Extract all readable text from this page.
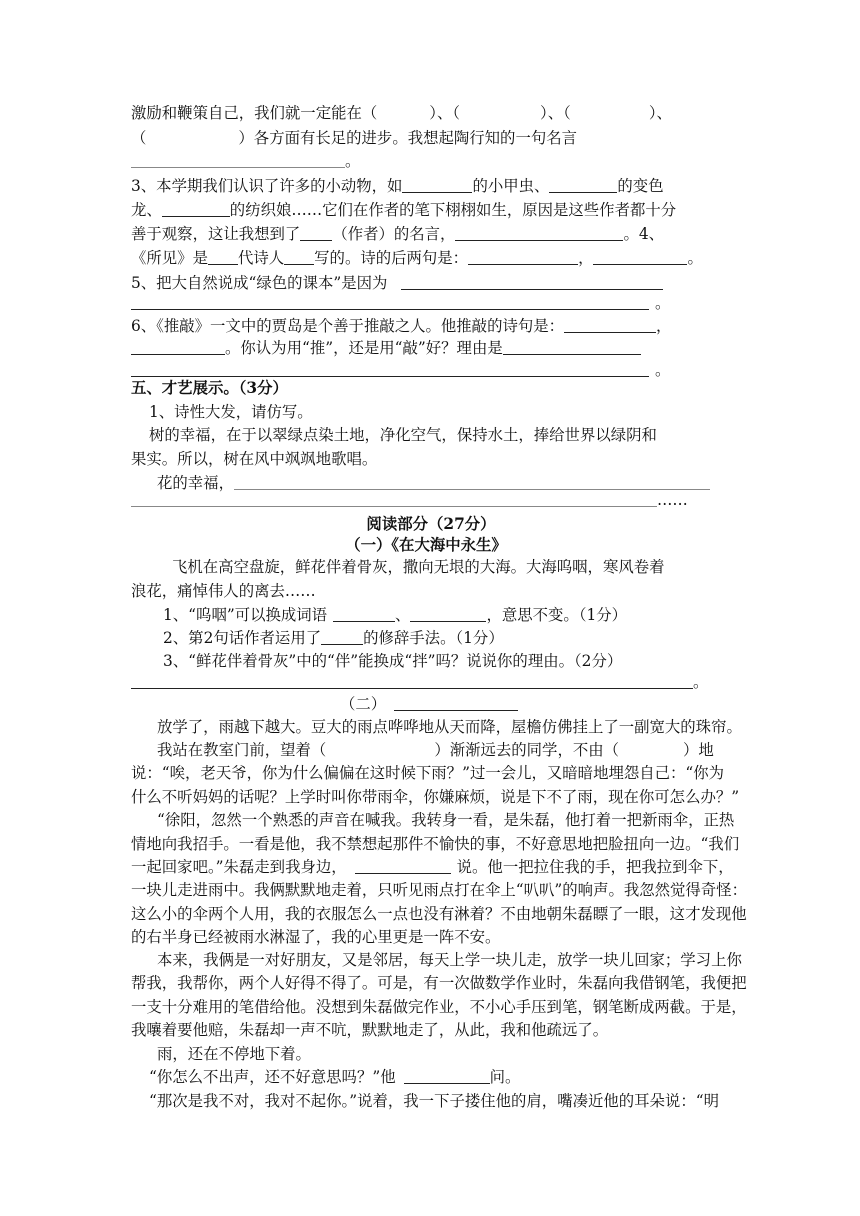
激励和鞭策自己，我们就一定能在（	）、（	）、（	）、
（	）各方面有长足的进步。我想起陶行知的一句名言
。
3、本学期我们认识了许多的小动物，如	的小甲虫、	的变色
龙、	的纺织娘……它们在作者的笔下栩栩如生，原因是这些作者都十分
善于观察，这让我想到了 （作者）的名言，	。4、
《所见》是 代诗人 写的。诗的后两句是：	，	。
5、把大自然说成“绿色的课本”是因为
。
6、《推敲》一文中的贾岛是个善于推敲之人。他推敲的诗句是：	，
。你认为用“推”，还是用“敲”好？理由是
。
五、才艺展示。（3分）
1、诗性大发，请仿写。
树的幸福，在于以翠绿点染土地，净化空气，保持水土，捧给世界以绿阴和
果实。所以，树在风中飒飒地歌唱。
花的幸福，
……
阅读部分（27分）
（一）《在大海中永生》
飞机在高空盘旋，鲜花伴着骨灰，撒向无垠的大海。大海呜咽，寒风卷着
浪花，痛悼伟人的离去……
1、“呜咽”可以换成词语	、	，意思不变。（1分）
2、第2句话作者运用了	的修辞手法。（1分）
3、“鲜花伴着骨灰”中的“伴”能换成“拌”吗？说说你的理由。（2分）
。
（二）
放学了，雨越下越大。豆大的雨点哗哗地从天而降，屋檐仿佛挂上了一副宽大的珠帘。
我站在教室门前，望着（	）渐渐远去的同学，不由（	）地
说：“唉，老天爷，你为什么偏偏在这时候下雨？”过一会儿，又暗暗地埋怨自己：“你为
什么不听妈妈的话呢？上学时叫你带雨伞，你嫌麻烦，说是下不了雨，现在你可怎么办？”
“徐阳，忽然一个熟悉的声音在喊我。我转身一看，是朱磊，他打着一把新雨伞，正热
情地向我招手。一看是他，我不禁想起那件不愉快的事，不好意思地把脸扭向一边。“我们
一起回家吧。”朱磊走到我身边，	说。他一把拉住我的手，把我拉到伞下，
一块儿走进雨中。我俩默默地走着，只听见雨点打在伞上“叭叭”的响声。我忽然觉得奇怪：
这么小的伞两个人用，我的衣服怎么一点也没有淋着？不由地朝朱磊瞟了一眼，这才发现他
的右半身已经被雨水淋湿了，我的心里更是一阵不安。
本来，我俩是一对好朋友，又是邻居，每天上学一块儿走，放学一块儿回家；学习上你
帮我，我帮你，两个人好得不得了。可是，有一次做数学作业时，朱磊向我借钢笔，我便把
一支十分难用的笔借给他。没想到朱磊做完作业，不小心手压到笔，钢笔断成两截。于是，
我嚷着要他赔，朱磊却一声不吭，默默地走了，从此，我和他疏远了。
雨，还在不停地下着。
“你怎么不出声，还不好意思吗？”他	问。
“那次是我不对，我对不起你。”说着，我一下子搂住他的肩，嘴凑近他的耳朵说：“明
